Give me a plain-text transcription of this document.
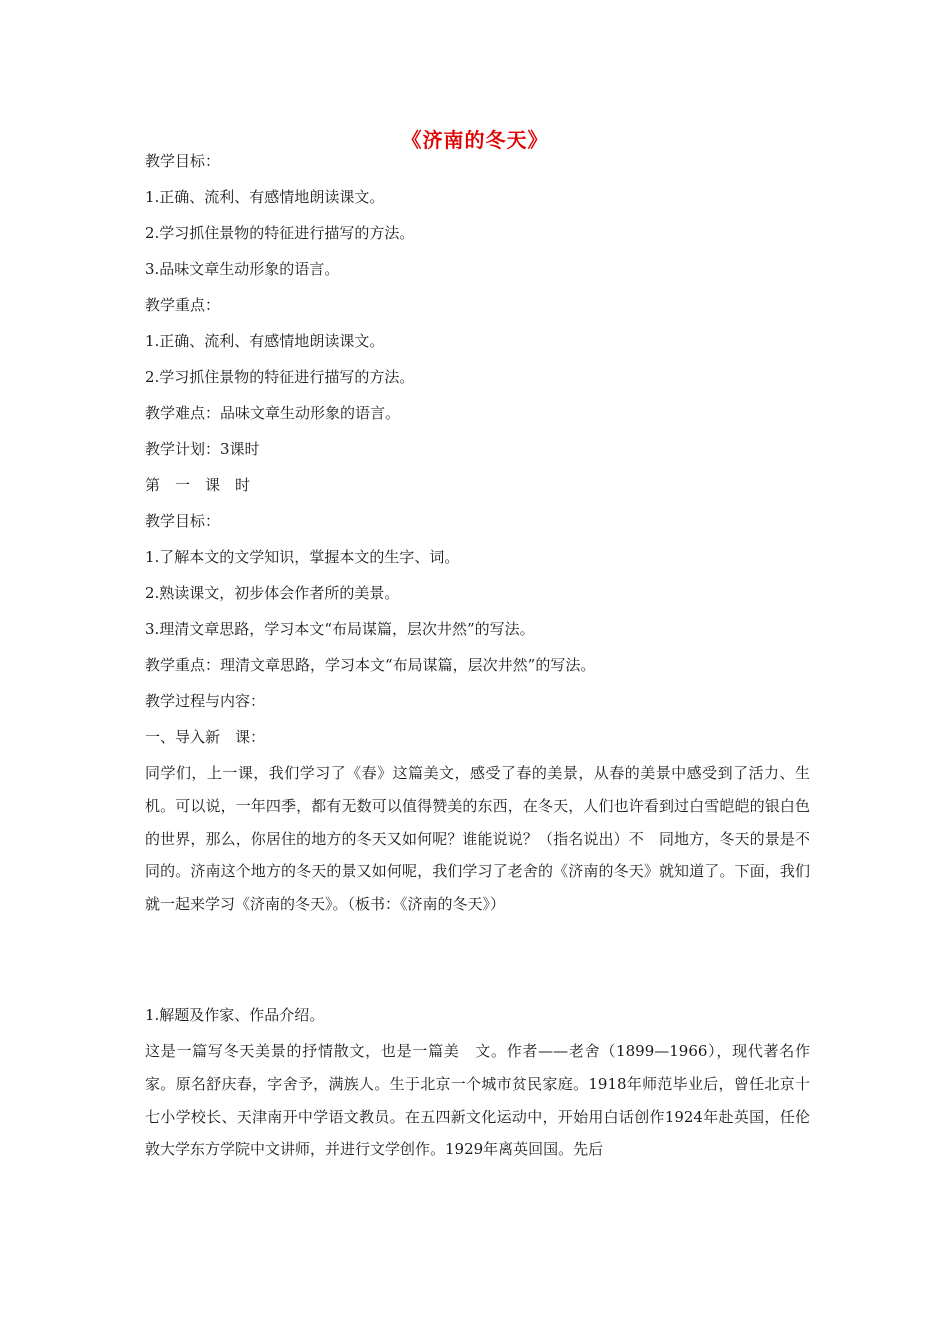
《济南的冬天》
教学目标：
1.正确、流利、有感情地朗读课文。
2.学习抓住景物的特征进行描写的方法。
3.品味文章生动形象的语言。
教学重点：
1.正确、流利、有感情地朗读课文。
2.学习抓住景物的特征进行描写的方法。
教学难点：品味文章生动形象的语言。
教学计划：3课时
第　一　课　时
教学目标：
1.了解本文的文学知识，掌握本文的生字、词。
2.熟读课文，初步体会作者所的美景。
3.理清文章思路，学习本文“布局谋篇，层次井然”的写法。
教学重点：理清文章思路，学习本文“布局谋篇，层次井然”的写法。
教学过程与内容：
一、导入新　课：
同学们，上一课，我们学习了《春》这篇美文，感受了春的美景，从春的美景中感受到了活力、生机。可以说，一年四季，都有无数可以值得赞美的东西，在冬天，人们也许看到过白雪皑皑的银白色的世界，那么，你居住的地方的冬天又如何呢？谁能说说？（指名说出）不　同地方，冬天的景是不同的。济南这个地方的冬天的景又如何呢，我们学习了老舍的《济南的冬天》就知道了。下面，我们就一起来学习《济南的冬天》。（板书：《济南的冬天》）
1.解题及作家、作品介绍。
这是一篇写冬天美景的抒情散文，也是一篇美　文。作者——老舍（1899—1966），现代著名作家。原名舒庆春，字舍予，满族人。生于北京一个城市贫民家庭。1918年师范毕业后，曾任北京十七小学校长、天津南开中学语文教员。在五四新文化运动中，开始用白话创作1924年赴英国，任伦敦大学东方学院中文讲师，并进行文学创作。1929年离英回国。先后
